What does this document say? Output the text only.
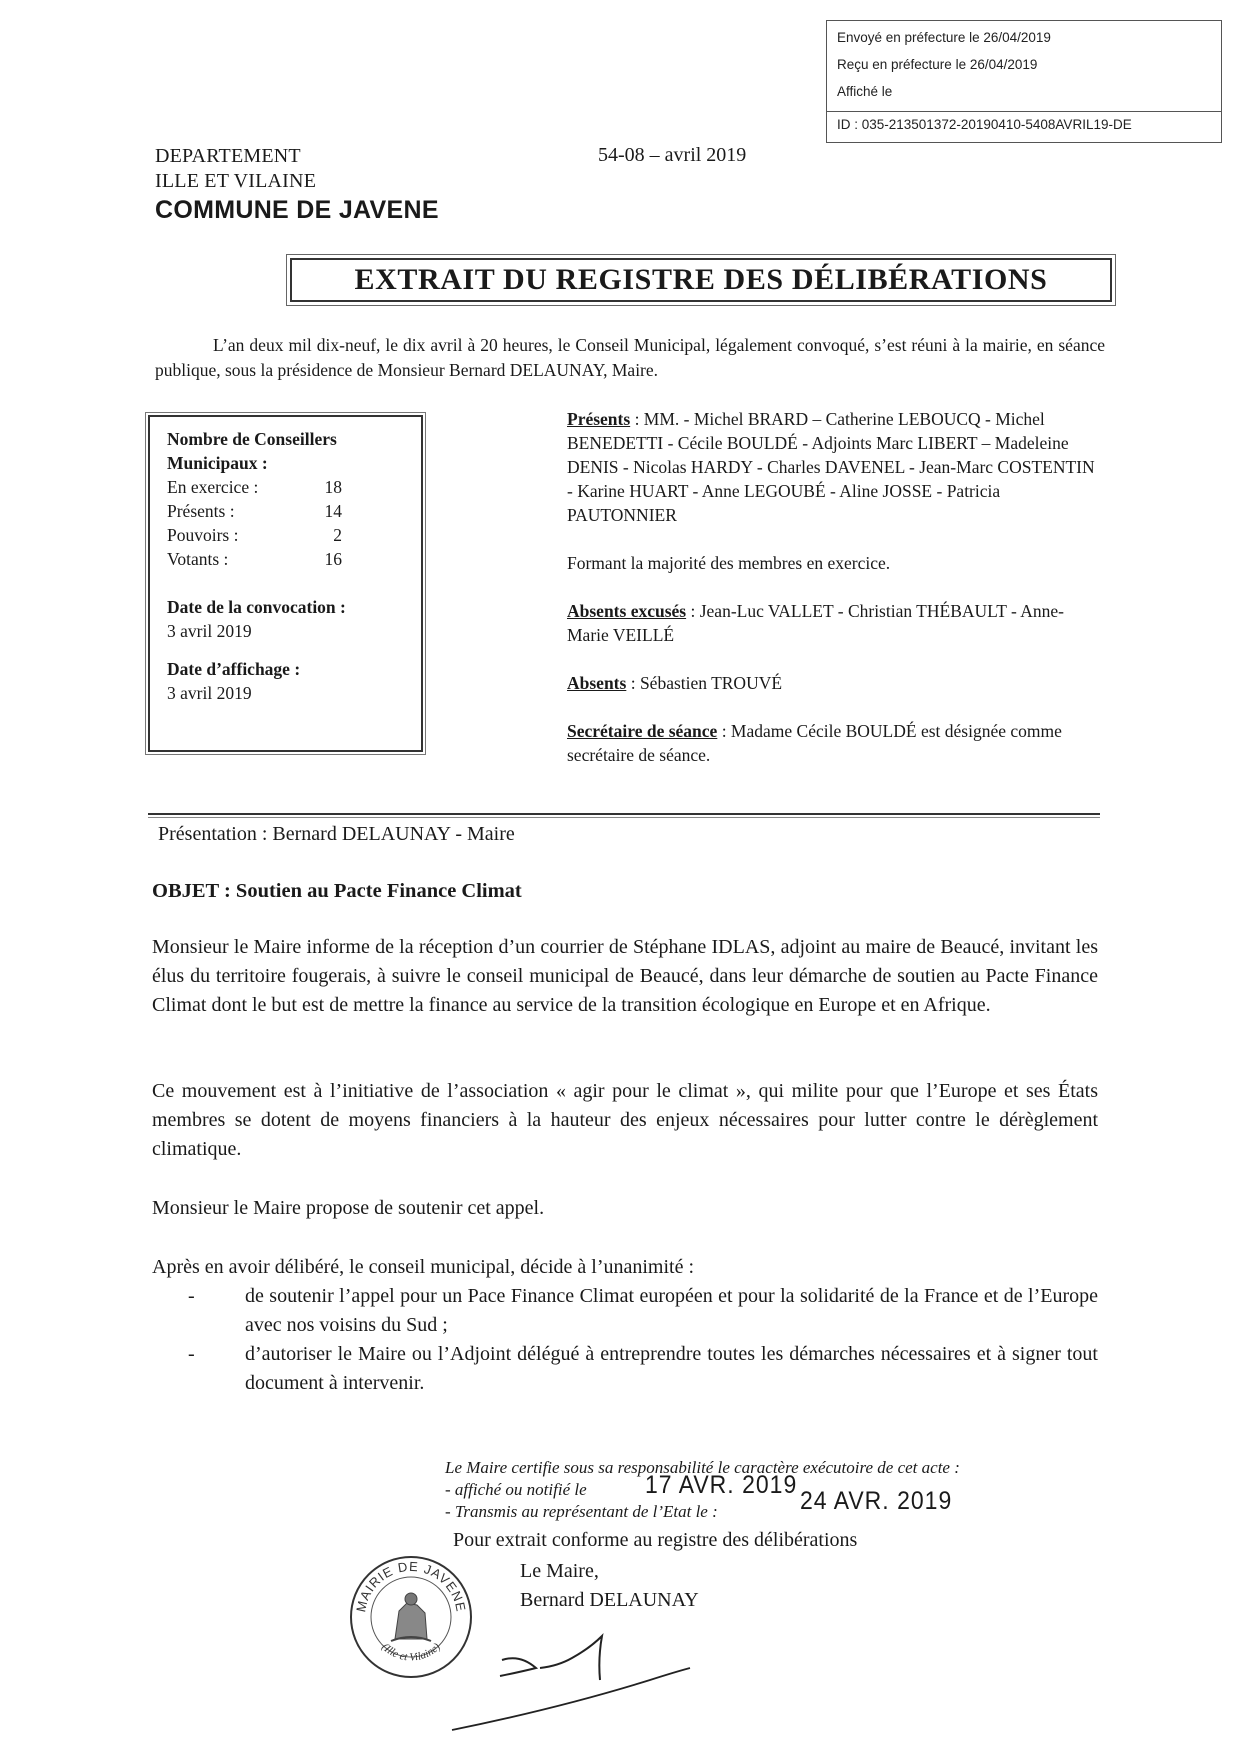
Envoyé en préfecture le 26/04/2019
Reçu en préfecture le 26/04/2019
Affiché le
ID : 035-213501372-20190410-5408AVRIL19-DE
DEPARTEMENT
ILLE ET VILAINE
COMMUNE DE JAVENE
54-08 – avril 2019
EXTRAIT DU REGISTRE DES DÉLIBÉRATIONS
L’an deux mil dix-neuf, le dix avril à 20 heures, le Conseil Municipal, légalement convoqué, s’est réuni à la mairie, en séance publique, sous la présidence de Monsieur Bernard DELAUNAY, Maire.
Nombre de Conseillers
Municipaux :
En exercice :	18
Présents :	14
Pouvoirs :	2
Votants :	16
Date de la convocation :
3 avril 2019
Date d’affichage :
3 avril 2019

Présents : MM. - Michel BRARD – Catherine LEBOUCQ - Michel BENEDETTI - Cécile BOULDÉ - Adjoints Marc LIBERT – Madeleine DENIS - Nicolas HARDY - Charles DAVENEL - Jean-Marc COSTENTIN - Karine HUART - Anne LEGOUBÉ - Aline JOSSE - Patricia PAUTONNIER

Formant la majorité des membres en exercice.

Absents excusés : Jean-Luc VALLET - Christian THÉBAULT - Anne-Marie VEILLÉ

Absents : Sébastien TROUVÉ

Secrétaire de séance : Madame Cécile BOULDÉ est désignée comme secrétaire de séance.

Présentation : Bernard DELAUNAY - Maire
OBJET : Soutien au Pacte Finance Climat
Monsieur le Maire informe de la réception d’un courrier de Stéphane IDLAS, adjoint au maire de Beaucé, invitant les élus du territoire fougerais, à suivre le conseil municipal de Beaucé, dans leur démarche de soutien au Pacte Finance Climat dont le but est de mettre la finance au service de la transition écologique en Europe et en Afrique.
Ce mouvement est à l’initiative de l’association « agir pour le climat », qui milite pour que l’Europe et ses États membres se dotent de moyens financiers à la hauteur des enjeux nécessaires pour lutter contre le dérèglement climatique.
Monsieur le Maire propose de soutenir cet appel.
Après en avoir délibéré, le conseil municipal, décide à l’unanimité :
-	de soutenir l’appel pour un Pace Finance Climat européen et pour la solidarité de la France et de l’Europe avec nos voisins du Sud ;
-	d’autoriser le Maire ou l’Adjoint délégué à entreprendre toutes les démarches nécessaires et à signer tout document à intervenir.
Le Maire certifie sous sa responsabilité le caractère exécutoire de cet acte :
- affiché ou notifié le	17 AVR. 2019
- Transmis au représentant de l’Etat le :	24 AVR. 2019
Pour extrait conforme au registre des délibérations
Le Maire,
Bernard DELAUNAY
MAIRIE DE JAVENE
(Ille et Vilaine)
